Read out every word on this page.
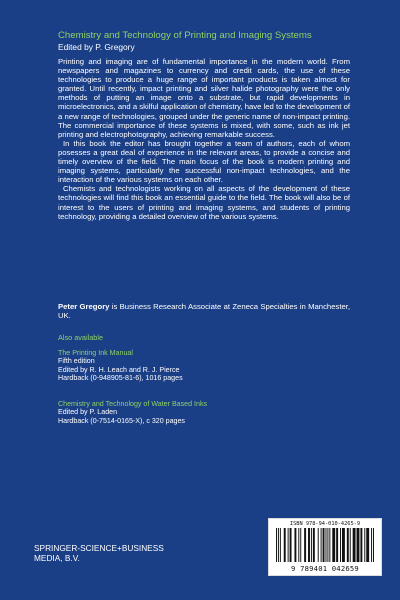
Chemistry and Technology of Printing and Imaging Systems
Edited by P. Gregory

Printing and imaging are of fundamental importance in the modern world. From newspapers and magazines to currency and credit cards, the use of these technologies to produce a huge range of important products is taken almost for granted. Until recently, impact printing and silver halide photography were the only methods of putting an image onto a substrate, but rapid developments in microelectronics, and a skilful application of chemistry, have led to the development of a new range of technologies, grouped under the generic name of non-impact printing. The commercial importance of these systems is mixed, with some, such as ink jet printing and electrophotography, achieving remarkable success.

In this book the editor has brought together a team of authors, each of whom posesses a great deal of experience in the relevant areas, to provide a concise and timely overview of the field. The main focus of the book is modern printing and imaging systems, particularly the successful non-impact technologies, and the interaction of the various systems on each other.

Chemists and technologists working on all aspects of the development of these technologies will find this book an essential guide to the field. The book will also be of interest to the users of printing and imaging systems, and students of printing technology, providing a detailed overview of the various systems.

Peter Gregory is Business Research Associate at Zeneca Specialties in Manchester, UK.
Also available
The Printing Ink Manual
Fifth edition
Edited by R. H. Leach and R. J. Pierce
Hardback (0-948905-81-6), 1016 pages
Chemistry and Technology of Water Based Inks
Edited by P. Laden
Hardback (0-7514-0165-X), c 320 pages
SPRINGER-SCIENCE+BUSINESS
MEDIA, B.V.
ISBN 978-94-010-4265-9
9 789401 042659
